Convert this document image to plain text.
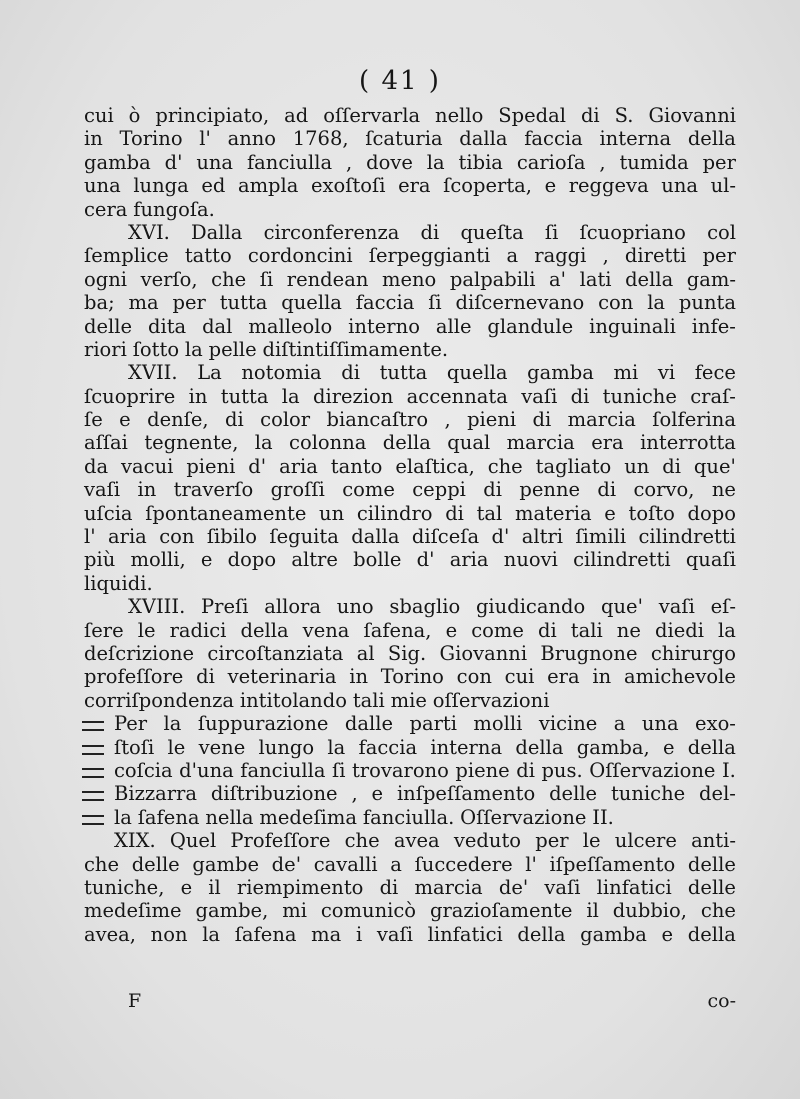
( 41 )
cui ò principiato, ad oſſervarla nello Spedal di S. Giovanni
in Torino l' anno 1768, ſcaturia dalla faccia interna della
gamba d' una fanciulla , dove la tibia carioſa , tumida per
una lunga ed ampla exoſtoſi era ſcoperta, e reggeva una ul-
cera fungoſa.
XVI. Dalla circonferenza di queſta ſi ſcuopriano col
ſemplice tatto cordoncini ſerpeggianti a raggi , diretti per
ogni verſo, che ſi rendean meno palpabili a' lati della gam-
ba; ma per tutta quella faccia ſi diſcernevano con la punta
delle dita dal malleolo interno alle glandule inguinali infe-
riori ſotto la pelle diſtintiſſimamente.
XVII. La notomia di tutta quella gamba mi vi fece
ſcuoprire in tutta la direzion accennata vaſi di tuniche craſ-
ſe e denſe, di color biancaſtro , pieni di marcia ſolferina
aſſai tegnente, la colonna della qual marcia era interrotta
da vacui pieni d' aria tanto elaſtica, che tagliato un di que'
vaſi in traverſo groſſi come ceppi di penne di corvo, ne
uſcia ſpontaneamente un cilindro di tal materia e toſto dopo
l' aria con ſibilo ſeguita dalla diſceſa d' altri ſimili cilindretti
più molli, e dopo altre bolle d' aria nuovi cilindretti quaſi
liquidi.
XVIII. Preſi allora uno sbaglio giudicando que' vaſi eſ-
ſere le radici della vena ſafena, e come di tali ne diedi la
deſcrizione circoſtanziata al Sig. Giovanni Brugnone chirurgo
profeſſore di veterinaria in Torino con cui era in amichevole
corriſpondenza intitolando tali mie oſſervazioni
Per la ſuppurazione dalle parti molli vicine a una exo-
ſtoſi le vene lungo la faccia interna della gamba, e della
coſcia d'una fanciulla ſi trovarono piene di pus. Oſſervazione I.
Bizzarra diſtribuzione , e inſpeſſamento delle tuniche del-
la ſafena nella medeſima fanciulla. Oſſervazione II.
XIX. Quel Profeſſore che avea veduto per le ulcere anti-
che delle gambe de' cavalli a ſuccedere l' iſpeſſamento delle
tuniche, e il riempimento di marcia de' vaſi linfatici delle
medeſime gambe, mi comunicò grazioſamente il dubbio, che
avea, non la ſafena ma i vaſi linfatici della gamba e della
F	co-
